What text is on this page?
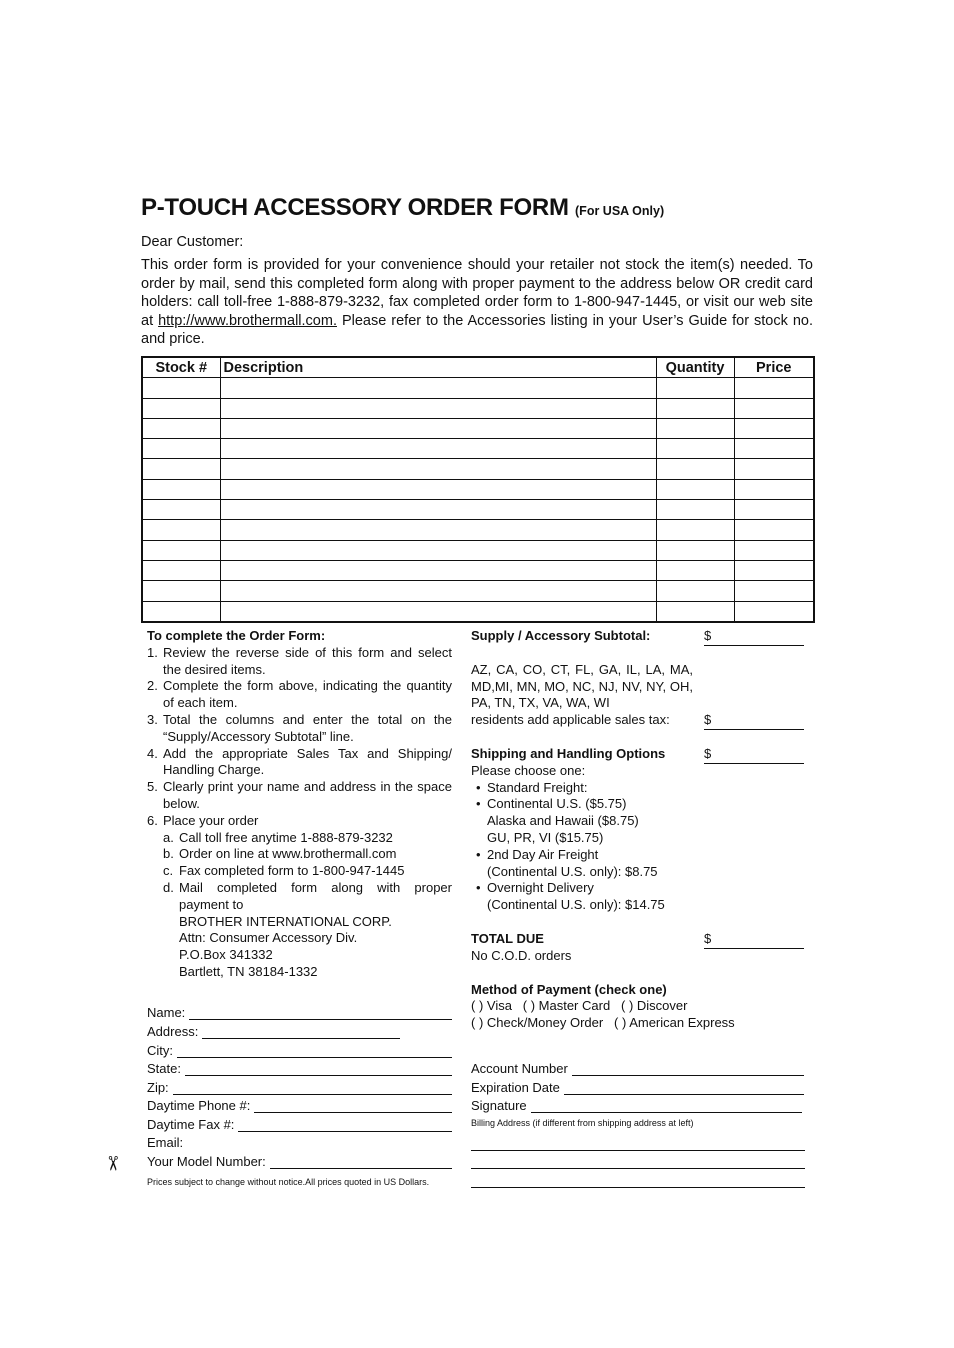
P-TOUCH ACCESSORY ORDER FORM (For USA Only)
Dear Customer:
This order form is provided for your convenience should your retailer not stock the item(s) needed. To order by mail, send this completed form along with proper payment to the address below OR credit card holders: call toll-free 1-888-879-3232, fax completed order form to 1-800-947-1445, or visit our web site at http://www.brothermall.com. Please refer to the Accessories listing in your User’s Guide for stock no. and price.
Stock #	Description	Quantity	Price

To complete the Order Form:
1. Review the reverse side of this form and select the desired items.
2. Complete the form above, indicating the quantity of each item.
3. Total the columns and enter the total on the “Supply/Accessory Subtotal” line.
4. Add the appropriate Sales Tax and Shipping/ Handling Charge.
5. Clearly print your name and address in the space below.
6. Place your order
a. Call toll free anytime 1-888-879-3232
b. Order on line at www.brothermall.com
c. Fax completed form to 1-800-947-1445
d. Mail completed form along with proper payment to
BROTHER INTERNATIONAL CORP.
Attn: Consumer Accessory Div.
P.O.Box 341332
Bartlett, TN 38184-1332
Name:
Address:
City:
State:
Zip:
Daytime Phone #:
Daytime Fax #:
Email:
Your Model Number:
Prices subject to change without notice.All prices quoted in US Dollars.
✂
Supply / Accessory Subtotal:	$
AZ, CA, CO, CT, FL, GA, IL, LA, MA, MD,MI, MN, MO, NC, NJ, NV, NY, OH, PA, TN, TX, VA, WA, WI
residents add applicable sales tax:	$
Shipping and Handling Options	$
Please choose one:
• Standard Freight:
• Continental U.S. ($5.75)
Alaska and Hawaii ($8.75)
GU, PR, VI ($15.75)
• 2nd Day Air Freight
(Continental U.S. only): $8.75
• Overnight Delivery
(Continental U.S. only): $14.75
TOTAL DUE	$
No C.O.D. orders
Method of Payment (check one)
( ) Visa   ( ) Master Card   ( ) Discover
( ) Check/Money Order   ( ) American Express
Account Number
Expiration Date
Signature
Billing Address (if different from shipping address at left)
